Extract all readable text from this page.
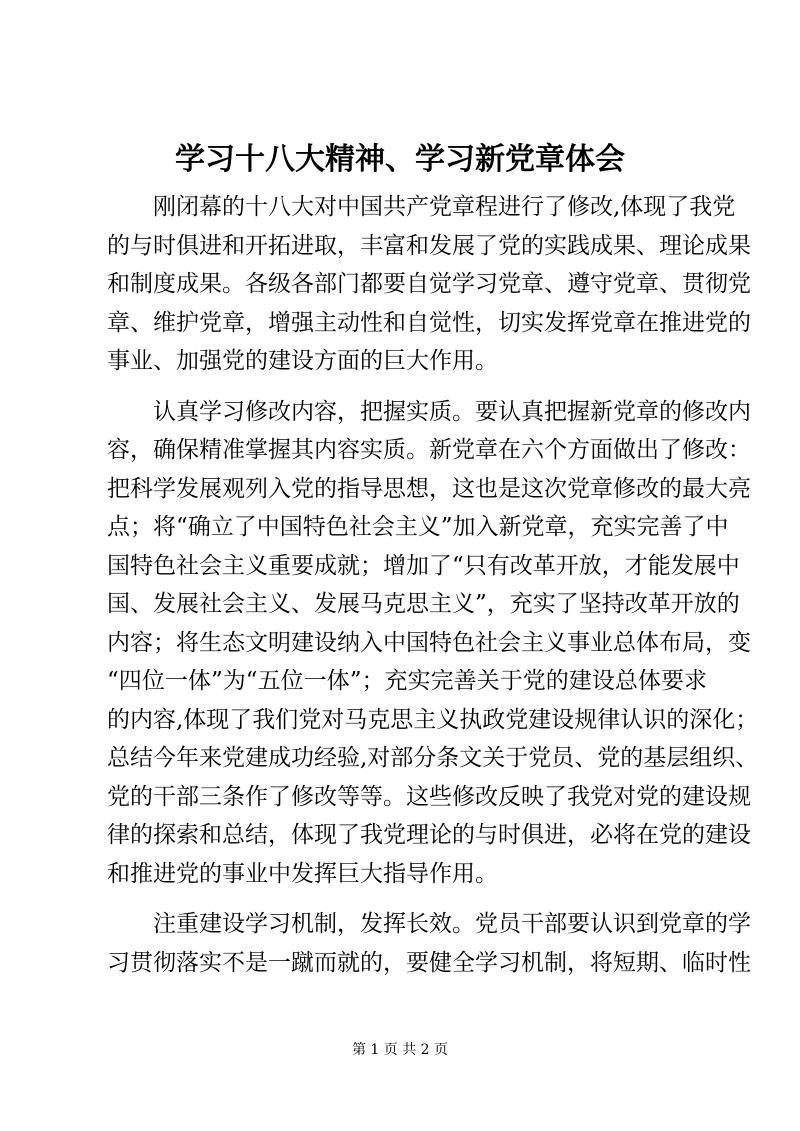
学习十八大精神、学习新党章体会
刚闭幕的十八大对中国共产党章程进行了修改,体现了我党
的与时俱进和开拓进取，丰富和发展了党的实践成果、理论成果
和制度成果。各级各部门都要自觉学习党章、遵守党章、贯彻党
章、维护党章，增强主动性和自觉性，切实发挥党章在推进党的
事业、加强党的建设方面的巨大作用。
认真学习修改内容，把握实质。要认真把握新党章的修改内
容，确保精准掌握其内容实质。新党章在六个方面做出了修改：
把科学发展观列入党的指导思想，这也是这次党章修改的最大亮
点；将“确立了中国特色社会主义”加入新党章，充实完善了中
国特色社会主义重要成就；增加了“只有改革开放，才能发展中
国、发展社会主义、发展马克思主义”，充实了坚持改革开放的
内容；将生态文明建设纳入中国特色社会主义事业总体布局，变
“四位一体”为“五位一体”；充实完善关于党的建设总体要求
的内容,体现了我们党对马克思主义执政党建设规律认识的深化；
总结今年来党建成功经验,对部分条文关于党员、党的基层组织、
党的干部三条作了修改等等。这些修改反映了我党对党的建设规
律的探索和总结，体现了我党理论的与时俱进，必将在党的建设
和推进党的事业中发挥巨大指导作用。
注重建设学习机制，发挥长效。党员干部要认识到党章的学
习贯彻落实不是一蹴而就的，要健全学习机制，将短期、临时性
第 1 页 共 2 页
